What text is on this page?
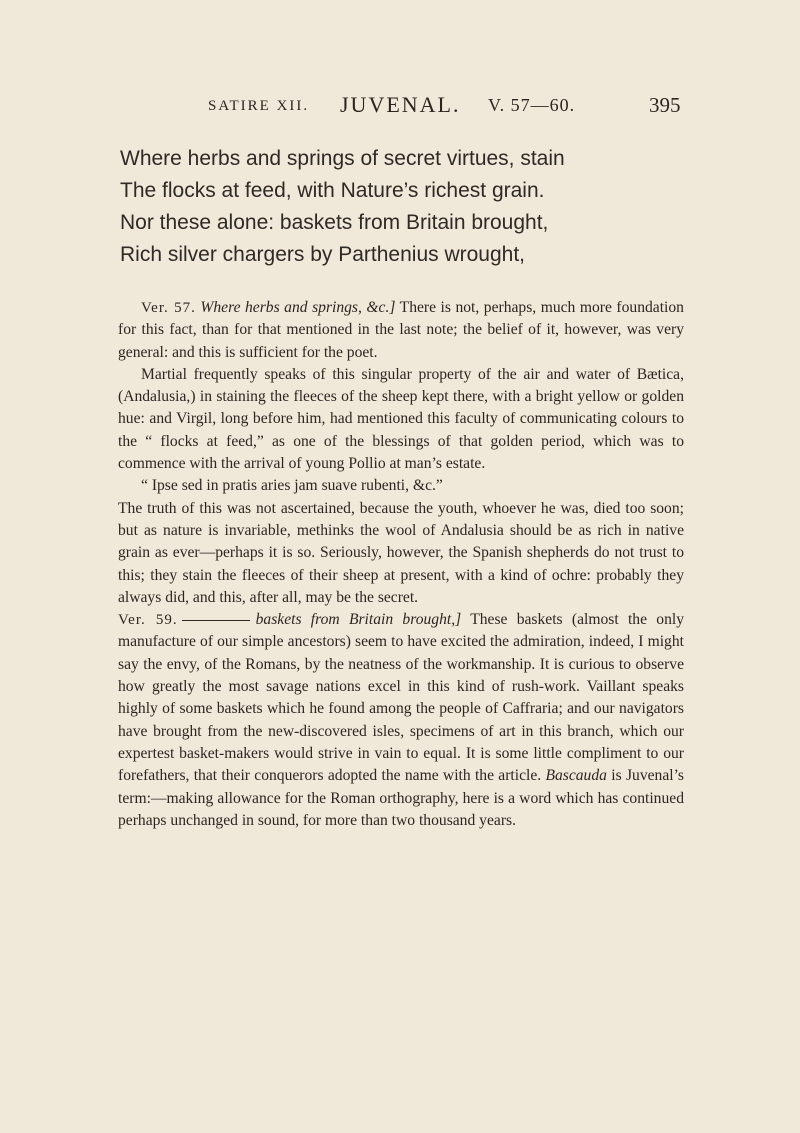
SATIRE XII. JUVENAL. V. 57—60.	395
Where herbs and springs of secret virtues, stain
The flocks at feed, with Nature’s richest grain.
Nor these alone: baskets from Britain brought,
Rich silver chargers by Parthenius wrought,

Ver. 57. Where herbs and springs, &c.] There is not, perhaps, much more foundation for this fact, than for that mentioned in the last note; the belief of it, however, was very general: and this is sufficient for the poet.

Martial frequently speaks of this singular property of the air and water of Bætica, (Andalusia,) in staining the fleeces of the sheep kept there, with a bright yellow or golden hue: and Virgil, long before him, had mentioned this faculty of communicating colours to the “ flocks at feed,” as one of the blessings of that golden period, which was to commence with the arrival of young Pollio at man’s estate.

“ Ipse sed in pratis aries jam suave rubenti, &c.”

The truth of this was not ascertained, because the youth, whoever he was, died too soon; but as nature is invariable, methinks the wool of Andalusia should be as rich in native grain as ever—perhaps it is so. Seriously, however, the Spanish shepherds do not trust to this; they stain the fleeces of their sheep at present, with a kind of ochre: probably they always did, and this, after all, may be the secret.

Ver. 59.	baskets from Britain brought,] These baskets (almost the only manufacture of our simple ancestors) seem to have excited the admiration, indeed, I might say the envy, of the Romans, by the neatness of the workmanship. It is curious to observe how greatly the most savage nations excel in this kind of rush-work. Vaillant speaks highly of some baskets which he found among the people of Caffraria; and our navigators have brought from the new-discovered isles, specimens of art in this branch, which our expertest basket-makers would strive in vain to equal. It is some little compliment to our forefathers, that their conquerors adopted the name with the article. Bascauda is Juvenal’s term:—making allowance for the Roman orthography, here is a word which has continued perhaps unchanged in sound, for more than two thousand years.
